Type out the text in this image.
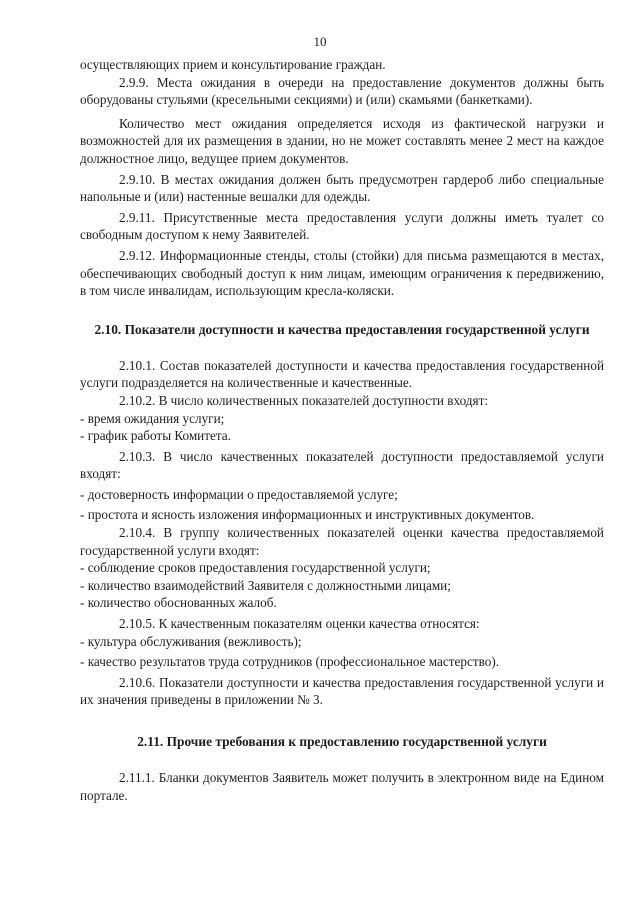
10

осуществляющих прием и консультирование граждан.

2.9.9. Места ожидания в очереди на предоставление документов должны быть оборудованы стульями (кресельными секциями) и (или) скамьями (банкетками).

Количество мест ожидания определяется исходя из фактической нагрузки и возможностей для их размещения в здании, но не может составлять менее 2 мест на каждое должностное лицо, ведущее прием документов.

2.9.10. В местах ожидания должен быть предусмотрен гардероб либо специальные напольные и (или) настенные вешалки для одежды.

2.9.11. Присутственные места предоставления услуги должны иметь туалет со свободным доступом к нему Заявителей.

2.9.12. Информационные стенды, столы (стойки) для письма размещаются в местах, обеспечивающих свободный доступ к ним лицам, имеющим ограничения к передвижению, в том числе инвалидам, использующим кресла-коляски.

2.10. Показатели доступности и качества предоставления государственной услуги

2.10.1. Состав показателей доступности и качества предоставления государственной услуги подразделяется на количественные и качественные.

2.10.2. В число количественных показателей доступности входят:

- время ожидания услуги;

- график работы Комитета.

2.10.3. В число качественных показателей доступности предоставляемой услуги входят:

- достоверность информации о предоставляемой услуге;

- простота и ясность изложения информационных и инструктивных документов.

2.10.4. В группу количественных показателей оценки качества предоставляемой государственной услуги входят:

- соблюдение сроков предоставления государственной услуги;

- количество взаимодействий Заявителя с должностными лицами;

- количество обоснованных жалоб.

2.10.5. К качественным показателям оценки качества относятся:

- культура обслуживания (вежливость);

- качество результатов труда сотрудников (профессиональное мастерство).

2.10.6. Показатели доступности и качества предоставления государственной услуги и их значения приведены в приложении № 3.

2.11. Прочие требования к предоставлению государственной услуги

2.11.1. Бланки документов Заявитель может получить в электронном виде на Едином портале.
